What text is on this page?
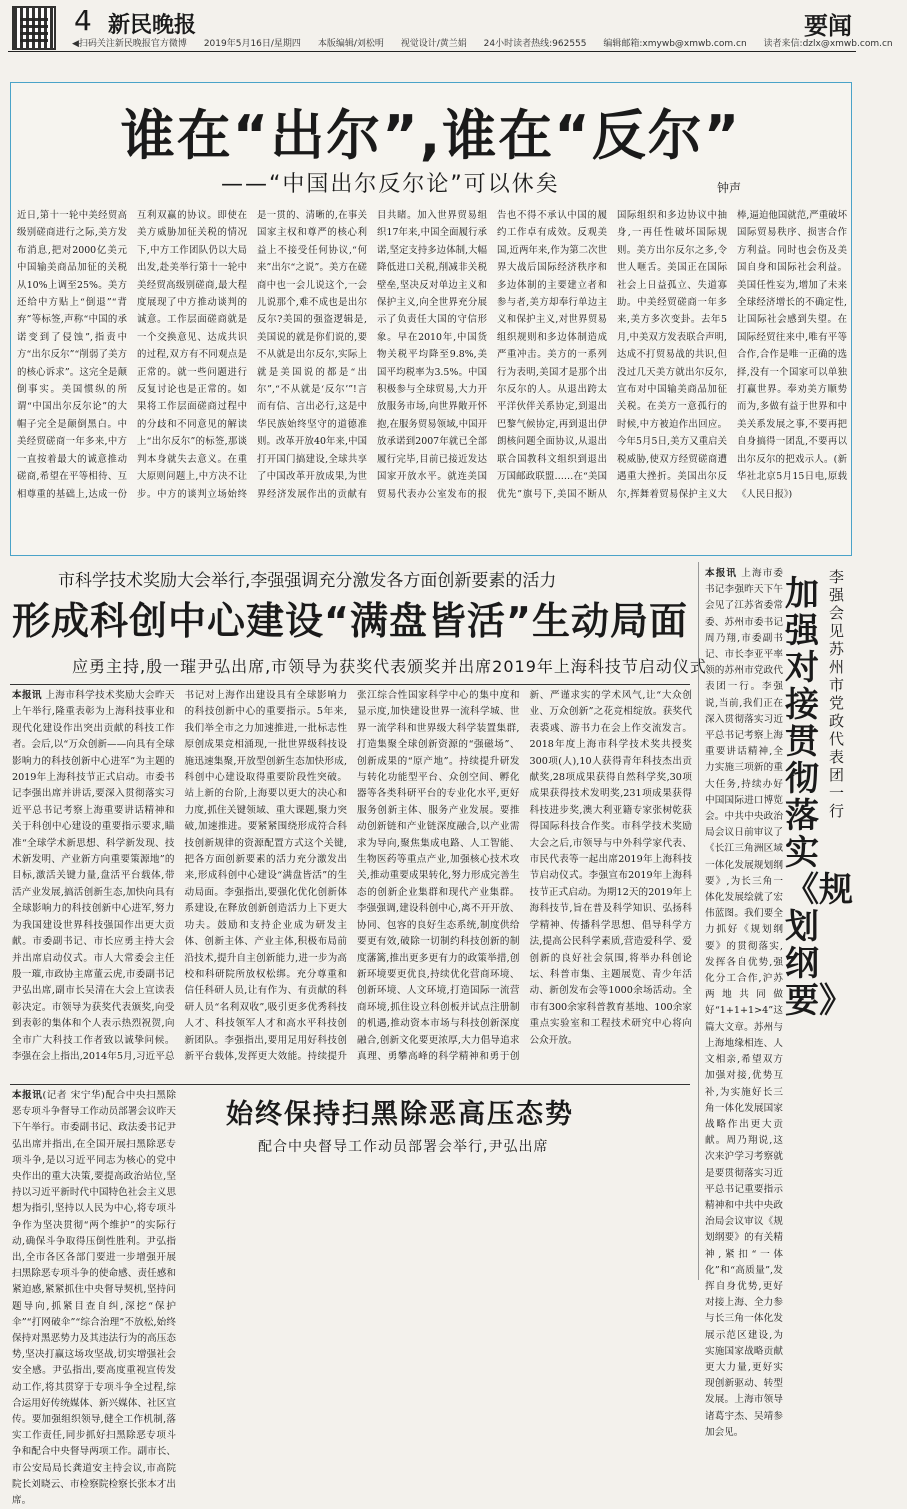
4 新民晚报	要闻
◀扫码关注新民晚报官方微博 2019年5月16日/星期四 本版编辑/刘松明 视觉设计/黄兰娟 24小时读者热线:962555 编辑邮箱:xmywb@xmwb.com.cn 读者来信:dzlx@xmwb.com.cn
谁在“出尔”,谁在“反尔”
——“中国出尔反尔论”可以休矣	钟声
近日,第十一轮中美经贸高级别磋商进行之际,美方发布消息,把对2000亿美元中国输美商品加征的关税从10%上调至25%。美方还给中方贴上“倒退”“背弃”等标签,声称“中国的承诺变到了侵蚀”,指责中方“出尔反尔”“削弱了美方的核心诉求”。这完全是颠倒事实。美国惯纵的所谓“中国出尔反尔论”的大帽子完全是颠倒黑白。中美经贸磋商一年多来,中方一直按着最大的诚意推动磋商,希望在平等相待、互相尊重的基础上,达成一份互利双赢的协议。即使在美方威胁加征关税的情况下,中方工作团队仍以大局出发,赴美举行第十一轮中美经贸高级别磋商,最大程度展现了中方推动谈判的诚意。工作层面磋商就是一个交换意见、达成共识的过程,双方有不同观点是正常的。就一些问题进行反复讨论也是正常的。如果将工作层面磋商过程中的分歧和不同意见的解读上“出尔反尔”的标签,那谈判本身就失去意义。在重大原则问题上,中方决不让步。中方的谈判立场始终是一贯的、清晰的,在事关国家主权和尊严的核心利益上不接受任何协议,“何来”出尔“之说”。美方在磋商中也一会儿说这个,一会儿说那个,难不成也是出尔反尔?美国的强盗逻辑是,美国说的就是你们说的,要不从就是出尔反尔,实际上就是美国说的都是“出尔”,“不从就是‘反尔’”!言而有信、言出必行,这是中华民族始终坚守的道德准则。改革开放40年来,中国打开国门搞建设,全球共享了中国改革开放成果,为世界经济发展作出的贡献有目共睹。加入世界贸易组织17年来,中国全面履行承诺,坚定支持多边体制,大幅降低进口关税,削减非关税壁垒,坚决反对单边主义和保护主义,向全世界充分展示了负责任大国的守信形象。早在2010年,中国货物关税平均降至9.8%,美国平均税率为3.5%。中国积极参与全球贸易,大力开放服务市场,向世界敞开怀抱,在服务贸易领域,中国开放承诺到2007年就已全部履行完毕,目前已接近发达国家开放水平。就连美国贸易代表办公室发布的报告也不得不承认中国的履约工作卓有成效。反观美国,近两年来,作为第二次世界大战后国际经济秩序和多边体制的主要建立者和参与者,美方却奉行单边主义和保护主义,对世界贸易组织规则和多边体制造成严重冲击。美方的一系列行为表明,美国才是那个出尔反尔的人。从退出跨太平洋伙伴关系协定,到退出巴黎气候协定,再到退出伊朗核问题全面协议,从退出联合国教科文组织到退出万国邮政联盟……在“美国优先”旗号下,美国不断从国际组织和多边协议中抽身,一再任性破坏国际规则。美方出尔反尔之多,令世人咂舌。美国正在国际社会上日益孤立、失道寡助。中美经贸磋商一年多来,美方多次变卦。去年5月,中美双方发表联合声明,达成不打贸易战的共识,但没过几天美方就出尔反尔,宣布对中国输美商品加征关税。在美方一意孤行的时候,中方被迫作出回应。今年5月5日,美方又重启关税威胁,使双方经贸磋商遭遇重大挫折。美国出尔反尔,挥舞着贸易保护主义大棒,逼迫他国就范,严重破坏国际贸易秩序、损害合作方利益。同时也会伤及美国自身和国际社会利益。美国任性妄为,增加了未来全球经济增长的不确定性,让国际社会感到失望。在国际经贸往来中,唯有平等合作,合作是唯一正确的选择,没有一个国家可以单独打赢世界。奉劝美方顺势而为,多做有益于世界和中美关系发展之事,不要再把自身搞得一团乱,不要再以出尔反尔的把戏示人。(新华社北京5月15日电,原载《人民日报》)
市科学技术奖励大会举行,李强强调充分激发各方面创新要素的活力
形成科创中心建设“满盘皆活”生动局面
应勇主持,殷一璀尹弘出席,市领导为获奖代表颁奖并出席2019年上海科技节启动仪式
本报讯 上海市科学技术奖励大会昨天上午举行,隆重表彰为上海科技事业和现代化建设作出突出贡献的科技工作者。会后,以“万众创新——向具有全球影响力的科技创新中心进军”为主题的2019年上海科技节正式启动。市委书记李强出席并讲话,要深入贯彻落实习近平总书记考察上海重要讲话精神和关于科创中心建设的重要指示要求,瞄准“全球学术新思想、科学新发现、技术新发明、产业新方向重要策源地”的目标,激活关键力量,盘活平台载体,带活产业发展,搞活创新生态,加快向具有全球影响力的科技创新中心进军,努力为我国建设世界科技强国作出更大贡献。市委副书记、市长应勇主持大会并出席启动仪式。市人大常委会主任殷一璀,市政协主席董云虎,市委副书记尹弘出席,副市长吴清在大会上宣读表彰决定。市领导为获奖代表颁奖,向受到表彰的集体和个人表示热烈祝贺,向全市广大科技工作者致以诚挚问候。李强在会上指出,2014年5月,习近平总书记对上海作出建设具有全球影响力的科技创新中心的重要指示。5年来,我们举全市之力加速推进,一批标志性原创成果竞相涌现,一批世界级科技设施迅速集聚,开放型创新生态加快形成,科创中心建设取得重要阶段性突破。站上新的台阶,上海要以更大的决心和力度,抓住关键领域、重大课题,聚力突破,加速推进。要紧紧围绕形成符合科技创新规律的资源配置方式这个关键,把各方面创新要素的活力充分激发出来,形成科创中心建设“满盘皆活”的生动局面。李强指出,要强化优化创新体系建设,在释放创新创造活力上下更大功夫。鼓励和支持企业成为研发主体、创新主体、产业主体,积极布局前沿技术,提升自主创新能力,进一步为高校和科研院所放权松绑。充分尊重和信任科研人员,让有作为、有贡献的科研人员“名利双收”,吸引更多优秀科技人才、科技领军人才和高水平科技创新团队。李强指出,要用足用好科技创新平台载体,发挥更大效能。持续提升张江综合性国家科学中心的集中度和显示度,加快建设世界一流科学城、世界一流学科和世界级大科学装置集群,打造集聚全球创新资源的“强磁场”、创新成果的“原产地”。持续提升研发与转化功能型平台、众创空间、孵化器等各类科研平台的专业化水平,更好服务创新主体、服务产业发展。要推动创新链和产业链深度融合,以产业需求为导向,聚焦集成电路、人工智能、生物医药等重点产业,加强核心技术攻关,推动重要成果转化,努力形成完善生态的创新企业集群和现代产业集群。李强强调,建设科创中心,离不开开放、协同、包容的良好生态系统,制度供给要更有效,破除一切制约科技创新的制度藩篱,推出更多更有力的政策举措,创新环境要更优良,持续优化营商环境、创新环境、人文环境,打造国际一流营商环境,抓住设立科创板并试点注册制的机遇,推动资本市场与科技创新深度融合,创新文化要更浓厚,大力倡导追求真理、勇攀高峰的科学精神和勇于创新、严谨求实的学术风气,让“大众创业、万众创新”之花竞相绽放。获奖代表裘彧、游书力在会上作交流发言。2018年度上海市科学技术奖共授奖300项(人),10人获得青年科技杰出贡献奖,28项成果获得自然科学奖,30项成果获得技术发明奖,231项成果获得科技进步奖,澳大利亚籍专家张树乾获得国际科技合作奖。市科学技术奖励大会之后,市领导与中外科学家代表、市民代表等一起出席2019年上海科技节启动仪式。李强宣布2019年上海科技节正式启动。为期12天的2019年上海科技节,旨在普及科学知识、弘扬科学精神、传播科学思想、倡导科学方法,提高公民科学素质,营造爱科学、爱创新的良好社会氛围,将举办科创论坛、科普市集、主题展览、青少年活动、新创发布会等1000余场活动。全市有300余家科普教育基地、100余家重点实验室和工程技术研究中心将向公众开放。
李强会见苏州市党政代表团一行
加强对接贯彻落实《规划纲要》
本报讯 上海市委书记李强昨天下午会见了江苏省委常委、苏州市委书记周乃翔,市委副书记、市长李亚平率领的苏州市党政代表团一行。李强说,当前,我们正在深入贯彻落实习近平总书记考察上海重要讲话精神,全力实施三项新的重大任务,持续办好中国国际进口博览会。中共中央政治局会议日前审议了《长江三角洲区域一体化发展规划纲要》,为长三角一体化发展绘就了宏伟蓝图。我们要全力抓好《规划纲要》的贯彻落实,发挥各自优势,强化分工合作,沪苏两地共同做好“1+1+1>4”这篇大文章。苏州与上海地缘相连、人文相亲,希望双方加强对接,优势互补,为实施好长三角一体化发展国家战略作出更大贡献。周乃翔说,这次来沪学习考察就是要贯彻落实习近平总书记重要指示精神和中共中央政治局会议审议《规划纲要》的有关精神,紧扣“一体化”和“高质量”,发挥自身优势,更好对接上海、全力参与长三角一体化发展示范区建设,为实施国家战略贡献更大力量,更好实现创新驱动、转型发展。上海市领导诸葛宇杰、吴靖参加会见。
始终保持扫黑除恶高压态势
配合中央督导工作动员部署会举行,尹弘出席
本报讯(记者 宋宁华)配合中央扫黑除恶专项斗争督导工作动员部署会议昨天下午举行。市委副书记、政法委书记尹弘出席并指出,在全国开展扫黑除恶专项斗争,是以习近平同志为核心的党中央作出的重大决策,要提高政治站位,坚持以习近平新时代中国特色社会主义思想为指引,坚持以人民为中心,将专项斗争作为坚决贯彻“两个维护”的实际行动,确保斗争取得压倒性胜利。尹弘指出,全市各区各部门要进一步增强开展扫黑除恶专项斗争的使命感、责任感和紧迫感,紧紧抓住中央督导契机,坚持问题导向,抓紧目查自纠,深挖“保护伞”“打网破伞”“综合治理”不放松,始终保持对黑恶势力及其违法行为的高压态势,坚决打赢这场攻坚战,切实增强社会安全感。尹弘指出,要高度重视宣传发动工作,将其贯穿于专项斗争全过程,综合运用好传统媒体、新兴媒体、社区宣传。要加强组织领导,健全工作机制,落实工作责任,同步抓好扫黑除恶专项斗争和配合中央督导两项工作。副市长、市公安局局长龚道安主持会议,市高院院长刘晓云、市检察院检察长张本才出席。
